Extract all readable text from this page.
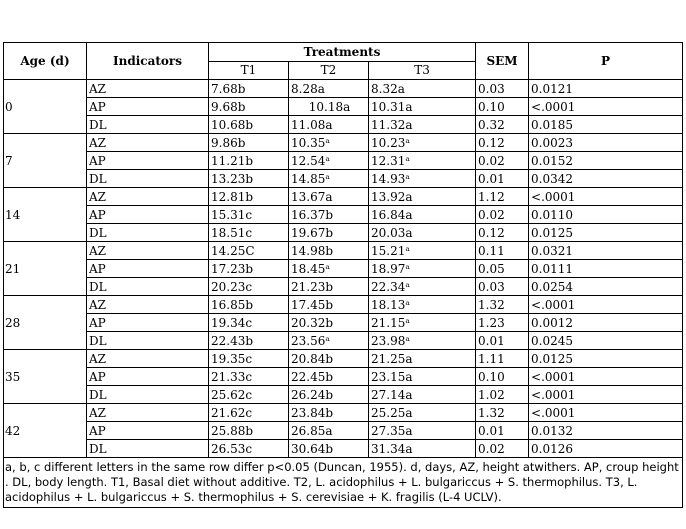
Age (d)	Indicators	Treatments			SEM	P
		T1	T2	T3		
0	AZ	7.68b	8.28a	8.32a	0.03	0.0121
	AP	9.68b	10.18a	10.31a	0.10	<.0001
	DL	10.68b	11.08a	11.32a	0.32	0.0185
7	AZ	9.86b	10.35ᵃ	10.23ᵃ	0.12	0.0023
	AP	11.21b	12.54ᵃ	12.31ᵃ	0.02	0.0152
	DL	13.23b	14.85ᵃ	14.93ᵃ	0.01	0.0342
14	AZ	12.81b	13.67a	13.92a	1.12	<.0001
	AP	15.31c	16.37b	16.84a	0.02	0.0110
	DL	18.51c	19.67b	20.03a	0.12	0.0125
21	AZ	14.25C	14.98b	15.21ᵃ	0.11	0.0321
	AP	17.23b	18.45ᵃ	18.97ᵃ	0.05	0.0111
	DL	20.23c	21.23b	22.34ᵃ	0.03	0.0254
28	AZ	16.85b	17.45b	18.13ᵃ	1.32	<.0001
	AP	19.34c	20.32b	21.15ᵃ	1.23	0.0012
	DL	22.43b	23.56ᵃ	23.98ᵃ	0.01	0.0245
35	AZ	19.35c	20.84b	21.25a	1.11	0.0125
	AP	21.33c	22.45b	23.15a	0.10	<.0001
	DL	25.62c	26.24b	27.14a	1.02	<.0001
42	AZ	21.62c	23.84b	25.25a	1.32	<.0001
	AP	25.88b	26.85a	27.35a	0.01	0.0132
	DL	26.53c	30.64b	31.34a	0.02	0.0126
a, b, c different letters in the same row differ p<0.05 (Duncan, 1955). d, days, AZ, height atwithers. AP, croup height . DL, body length. T1, Basal diet without additive. T2, L. acidophilus + L. bulgariccus + S. thermophilus. T3, L. acidophilus + L. bulgariccus + S. thermophilus + S. cerevisiae + K. fragilis (L-4 UCLV).						
